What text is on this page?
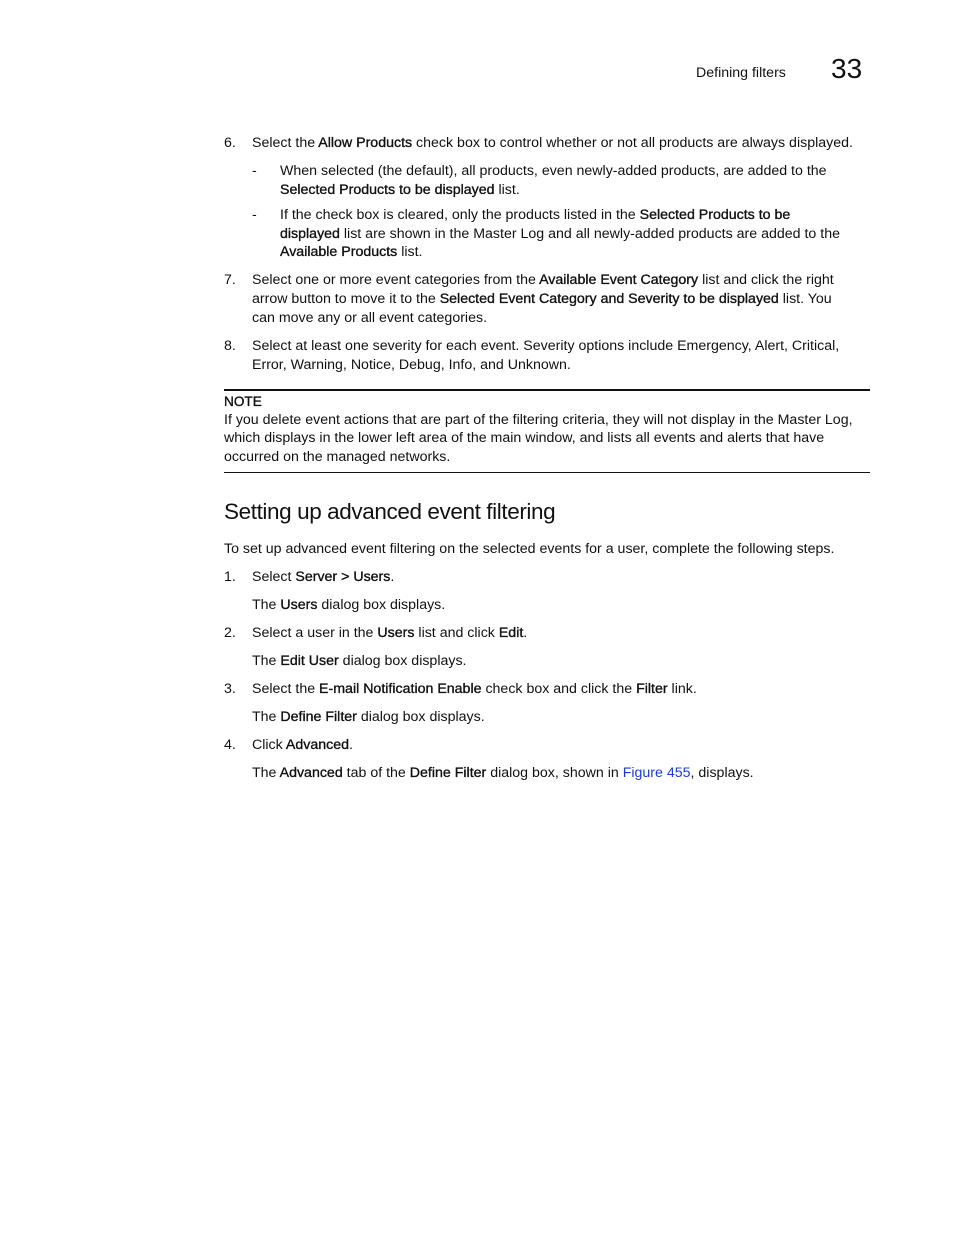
Defining filters 33
6. Select the Allow Products check box to control whether or not all products are always displayed.
- When selected (the default), all products, even newly-added products, are added to the
Selected Products to be displayed list.
- If the check box is cleared, only the products listed in the Selected Products to be
displayed list are shown in the Master Log and all newly-added products are added to the
Available Products list.
7. Select one or more event categories from the Available Event Category list and click the right
arrow button to move it to the Selected Event Category and Severity to be displayed list. You
can move any or all event categories.
8. Select at least one severity for each event. Severity options include Emergency, Alert, Critical,
Error, Warning, Notice, Debug, Info, and Unknown.
NOTE
If you delete event actions that are part of the filtering criteria, they will not display in the Master Log,
which displays in the lower left area of the main window, and lists all events and alerts that have
occurred on the managed networks.
Setting up advanced event filtering
To set up advanced event filtering on the selected events for a user, complete the following steps.
1. Select Server > Users.
The Users dialog box displays.
2. Select a user in the Users list and click Edit.
The Edit User dialog box displays.
3. Select the E-mail Notification Enable check box and click the Filter link.
The Define Filter dialog box displays.
4. Click Advanced.
The Advanced tab of the Define Filter dialog box, shown in Figure 455, displays.
